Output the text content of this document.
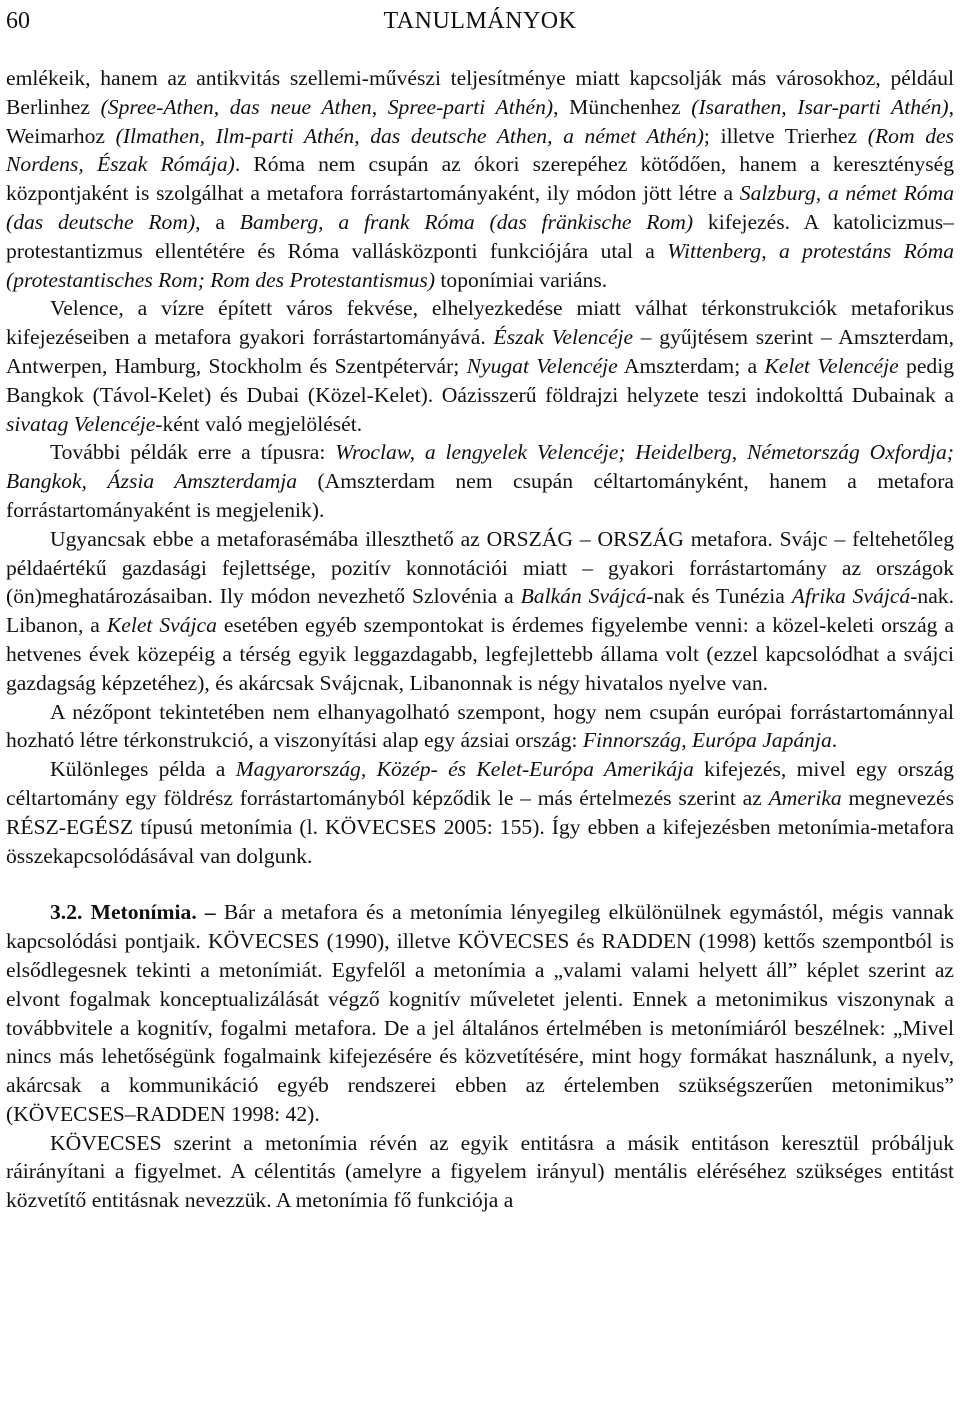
60	TANULMÁNYOK

emlékeik, hanem az antikvitás szellemi-művészi teljesítménye miatt kapcsolják más városokhoz, például Berlinhez (Spree-Athen, das neue Athen, Spree-parti Athén), Münchenhez (Isarathen, Isar-parti Athén), Weimarhoz (Ilmathen, Ilm-parti Athén, das deutsche Athen, a német Athén); illetve Trierhez (Rom des Nordens, Észak Rómája). Róma nem csupán az ókori szerepéhez kötődően, hanem a kereszténység központjaként is szolgálhat a metafora forrástartományaként, ily módon jött létre a Salzburg, a német Róma (das deutsche Rom), a Bamberg, a frank Róma (das fränkische Rom) kifejezés. A katolicizmus–protestantizmus ellentétére és Róma vallásközponti funkciójára utal a Wittenberg, a protestáns Róma (protestantisches Rom; Rom des Protestantismus) toponímiai variáns.

Velence, a vízre épített város fekvése, elhelyezkedése miatt válhat térkonstrukciók metaforikus kifejezéseiben a metafora gyakori forrástartományává. Észak Velencéje – gyűjtésem szerint – Amszterdam, Antwerpen, Hamburg, Stockholm és Szentpétervár; Nyugat Velencéje Amszterdam; a Kelet Velencéje pedig Bangkok (Távol-Kelet) és Dubai (Közel-Kelet). Oázisszerű földrajzi helyzete teszi indokolttá Dubainak a sivatag Velencéje-ként való megjelölését.

További példák erre a típusra: Wroclaw, a lengyelek Velencéje; Heidelberg, Németország Oxfordja; Bangkok, Ázsia Amszterdamja (Amszterdam nem csupán céltartományként, hanem a metafora forrástartományaként is megjelenik).

Ugyancsak ebbe a metaforasémába illeszthető az ORSZÁG – ORSZÁG metafora. Svájc – feltehetőleg példaértékű gazdasági fejlettsége, pozitív konnotációi miatt – gyakori forrástartomány az országok (ön)meghatározásaiban. Ily módon nevezhető Szlovénia a Balkán Svájcá-nak és Tunézia Afrika Svájcá-nak. Libanon, a Kelet Svájca esetében egyéb szempontokat is érdemes figyelembe venni: a közel-keleti ország a hetvenes évek közepéig a térség egyik leggazdagabb, legfejlettebb állama volt (ezzel kapcsolódhat a svájci gazdagság képzetéhez), és akárcsak Svájcnak, Libanonnak is négy hivatalos nyelve van.

A nézőpont tekintetében nem elhanyagolható szempont, hogy nem csupán európai forrástartománnyal hozható létre térkonstrukció, a viszonyítási alap egy ázsiai ország: Finnország, Európa Japánja.

Különleges példa a Magyarország, Közép- és Kelet-Európa Amerikája kifejezés, mivel egy ország céltartomány egy földrész forrástartományból képződik le – más értelmezés szerint az Amerika megnevezés RÉSZ-EGÉSZ típusú metonímia (l. KÖVECSES 2005: 155). Így ebben a kifejezésben metonímia-metafora összekapcsolódásával van dolgunk.

3.2. Metonímia. – Bár a metafora és a metonímia lényegileg elkülönülnek egymástól, mégis vannak kapcsolódási pontjaik. KÖVECSES (1990), illetve KÖVECSES és RADDEN (1998) kettős szempontból is elsődlegesnek tekinti a metonímiát. Egyfelől a metonímia a „valami valami helyett áll” képlet szerint az elvont fogalmak konceptualizálását végző kognitív műveletet jelenti. Ennek a metonimikus viszonynak a továbbvitele a kognitív, fogalmi metafora. De a jel általános értelmében is metonímiáról beszélnek: „Mivel nincs más lehetőségünk fogalmaink kifejezésére és közvetítésére, mint hogy formákat használunk, a nyelv, akárcsak a kommunikáció egyéb rendszerei ebben az értelemben szükségszerűen metonimikus” (KÖVECSES–RADDEN 1998: 42).

KÖVECSES szerint a metonímia révén az egyik entitásra a másik entitáson keresztül próbáljuk ráirányítani a figyelmet. A célentitás (amelyre a figyelem irányul) mentális eléréséhez szükséges entitást közvetítő entitásnak nevezzük. A metonímia fő funkciója a
